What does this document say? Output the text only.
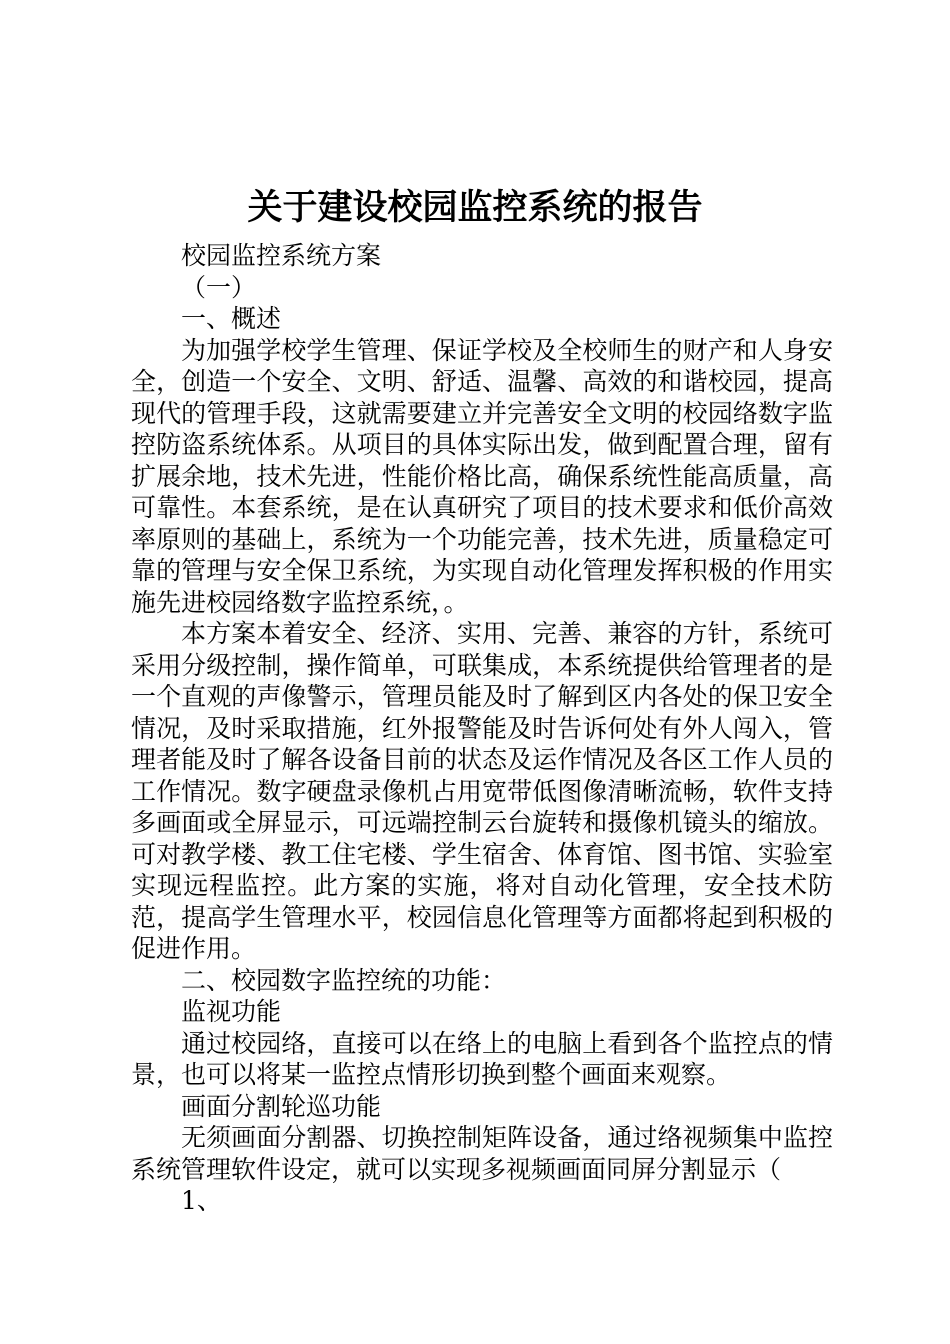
关于建设校园监控系统的报告

校园监控系统方案

（一）

一、概述

为加强学校学生管理、保证学校及全校师生的财产和人身安全，创造一个安全、文明、舒适、温馨、高效的和谐校园，提高现代的管理手段，这就需要建立并完善安全文明的校园络数字监控防盗系统体系。从项目的具体实际出发，做到配置合理，留有扩展余地，技术先进，性能价格比高，确保系统性能高质量，高可靠性。本套系统，是在认真研究了项目的技术要求和低价高效率原则的基础上，系统为一个功能完善，技术先进，质量稳定可靠的管理与安全保卫系统，为实现自动化管理发挥积极的作用实施先进校园络数字监控系统，。

本方案本着安全、经济、实用、完善、兼容的方针，系统可采用分级控制，操作简单，可联集成，本系统提供给管理者的是一个直观的声像警示，管理员能及时了解到区内各处的保卫安全情况，及时采取措施，红外报警能及时告诉何处有外人闯入，管理者能及时了解各设备目前的状态及运作情况及各区工作人员的工作情况。数字硬盘录像机占用宽带低图像清晰流畅，软件支持多画面或全屏显示，可远端控制云台旋转和摄像机镜头的缩放。可对教学楼、教工住宅楼、学生宿舍、体育馆、图书馆、实验室实现远程监控。此方案的实施，将对自动化管理，安全技术防范，提高学生管理水平，校园信息化管理等方面都将起到积极的促进作用。

二、校园数字监控统的功能：

监视功能

通过校园络，直接可以在络上的电脑上看到各个监控点的情景，也可以将某一监控点情形切换到整个画面来观察。

画面分割轮巡功能

无须画面分割器、切换控制矩阵设备，通过络视频集中监控系统管理软件设定，就可以实现多视频画面同屏分割显示（

1、
